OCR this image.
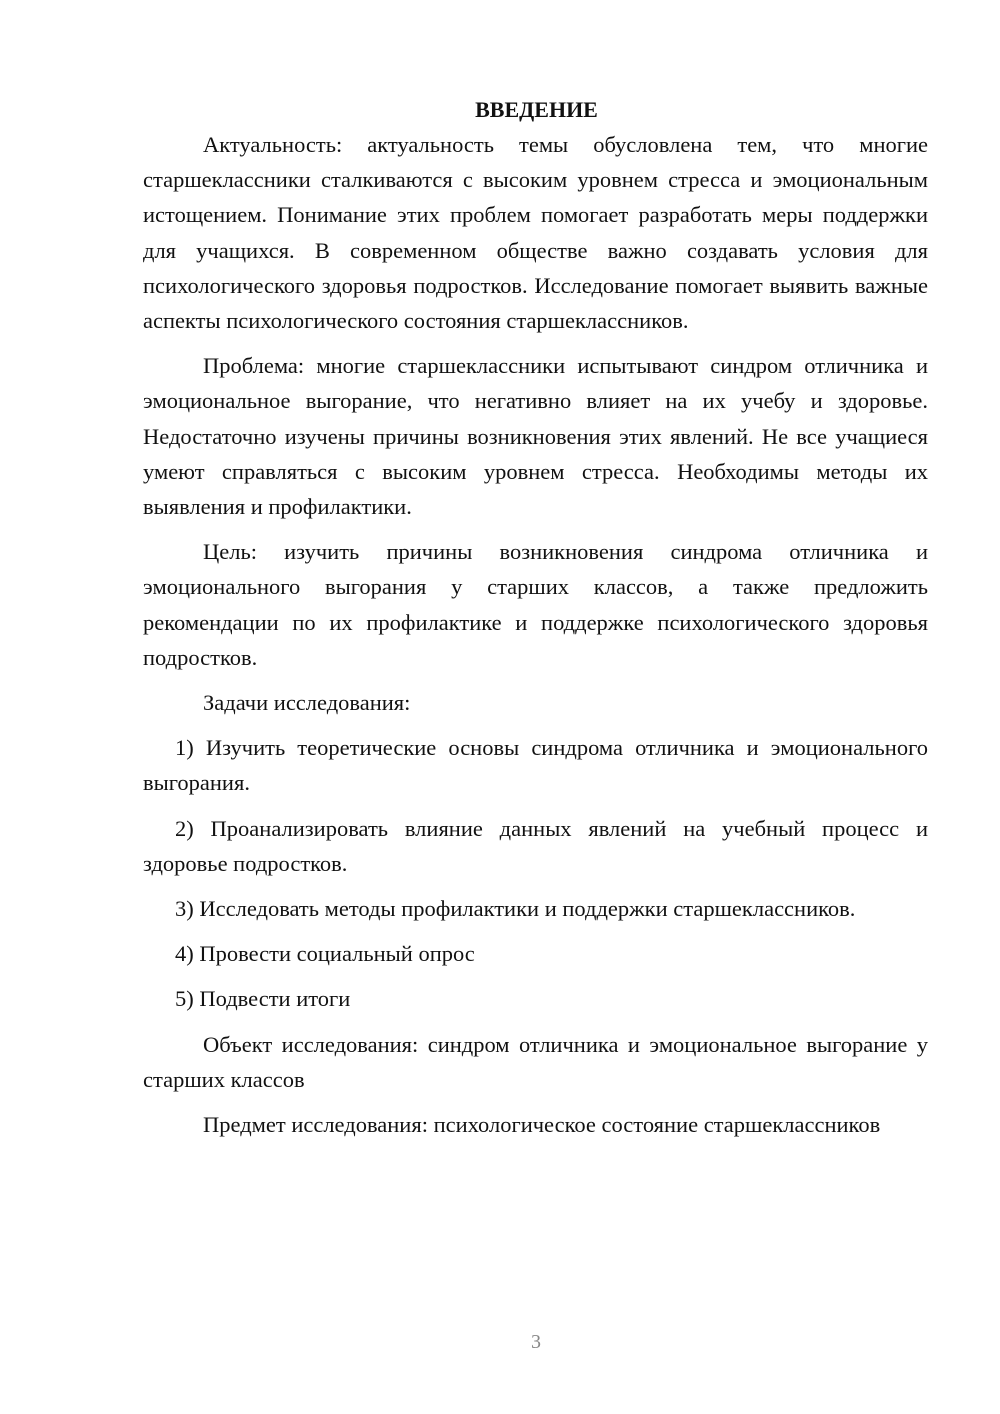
ВВЕДЕНИЕ

Актуальность: актуальность темы обусловлена тем, что многие старшеклассники сталкиваются с высоким уровнем стресса и эмоциональным истощением. Понимание этих проблем помогает разработать меры поддержки для учащихся. В современном обществе важно создавать условия для психологического здоровья подростков. Исследование помогает выявить важные аспекты психологического состояния старшеклассников.

Проблема: многие старшеклассники испытывают синдром отличника и эмоциональное выгорание, что негативно влияет на их учебу и здоровье. Недостаточно изучены причины возникновения этих явлений. Не все учащиеся умеют справляться с высоким уровнем стресса. Необходимы методы их выявления и профилактики.

Цель: изучить причины возникновения синдрома отличника и эмоционального выгорания у старших классов, а также предложить рекомендации по их профилактике и поддержке психологического здоровья подростков.

Задачи исследования:

1) Изучить теоретические основы синдрома отличника и эмоционального выгорания.

2) Проанализировать влияние данных явлений на учебный процесс и здоровье подростков.

3) Исследовать методы профилактики и поддержки старшеклассников.

4) Провести социальный опрос

5) Подвести итоги

Объект исследования: синдром отличника и эмоциональное выгорание у старших классов

Предмет исследования: психологическое состояние старшеклассников

3
